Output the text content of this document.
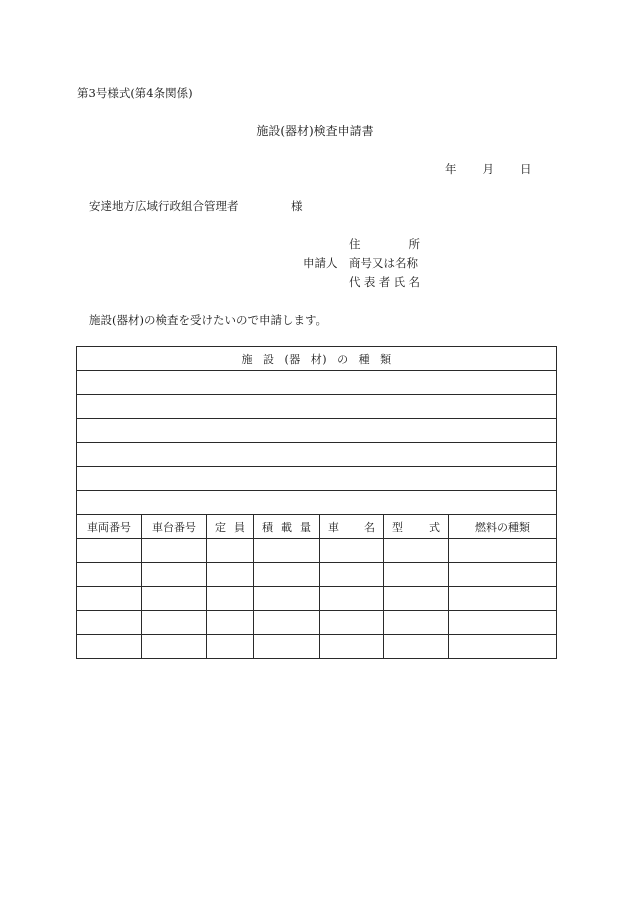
第3号様式(第4条関係)
施設(器材)検査申請書
年 月 日
安達地方広域行政組合管理者	様
申請人
住	所
商号又は名称
代 表 者 氏 名
施設(器材)の検査を受けたいので申請します。
施 設 (器 材) の 種 類						

車両番号	車台番号	定 員	積 載 量	車 名	型 式	燃料の種類
